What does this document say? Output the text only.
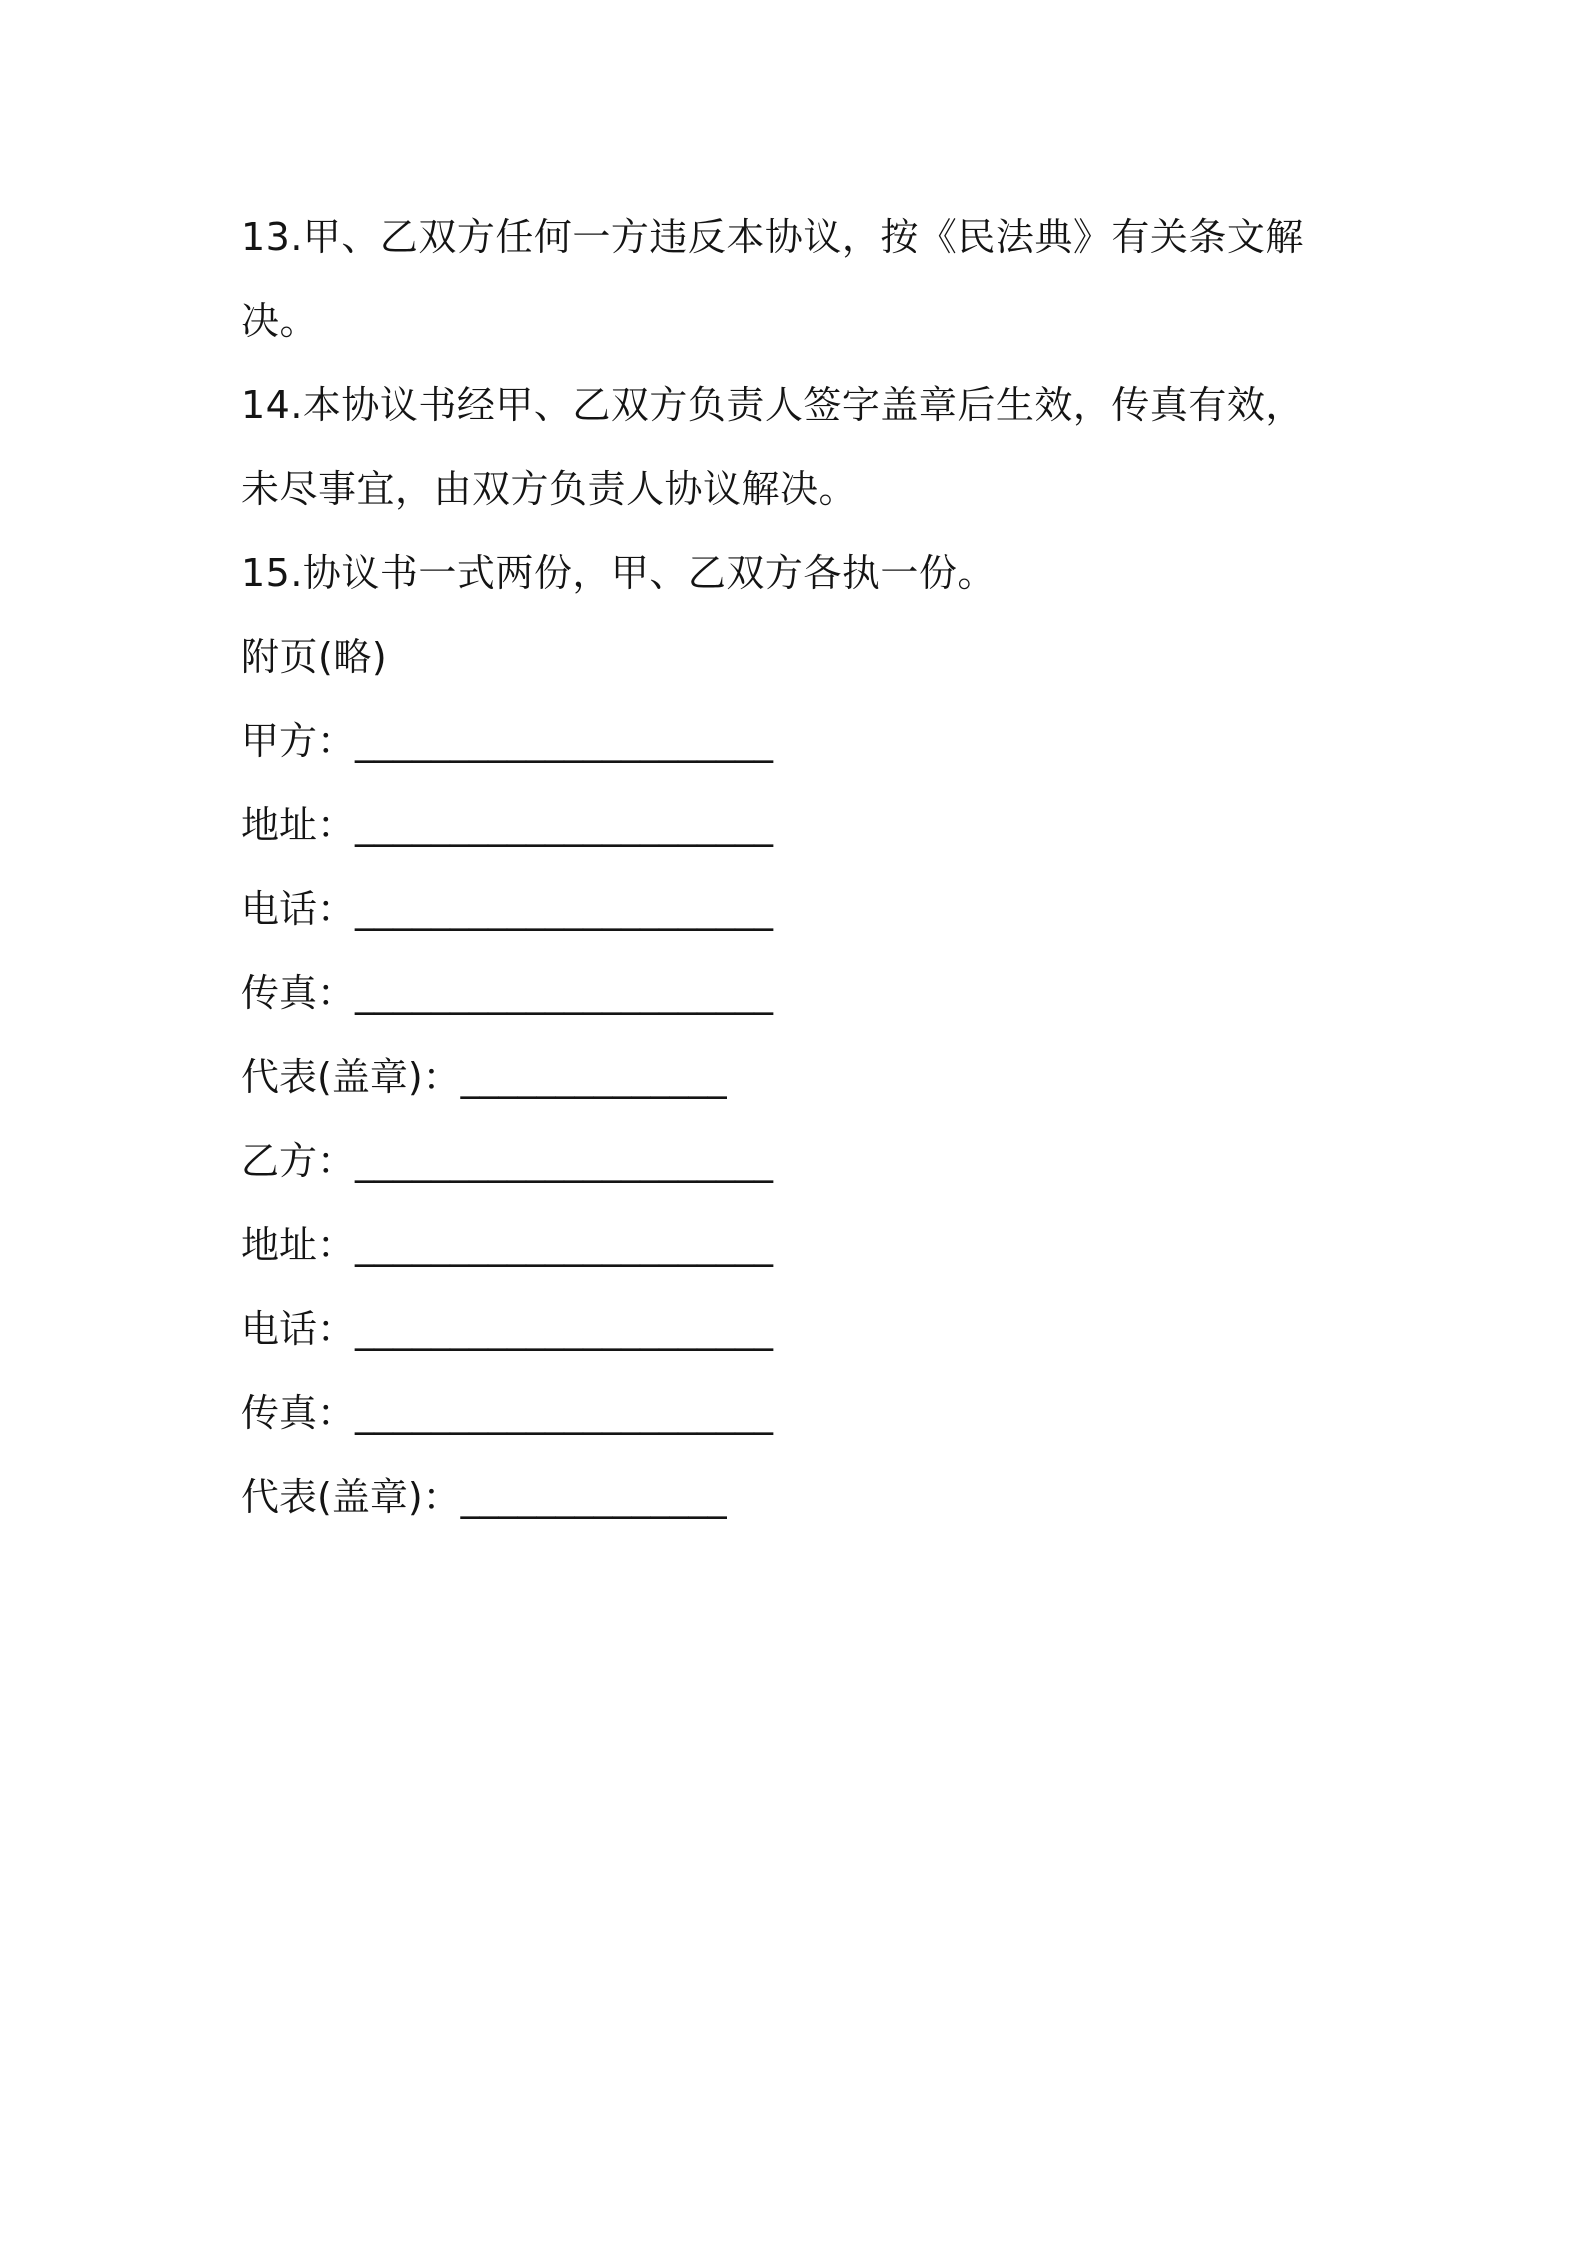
13.甲、乙双方任何一方违反本协议，按《民法典》有关条文解
决。
14.本协议书经甲、乙双方负责人签字盖章后生效，传真有效，
未尽事宜，由双方负责人协议解决。
15.协议书一式两份，甲、乙双方各执一份。
附页(略)
甲方：______________________
地址：______________________
电话：______________________
传真：______________________
代表(盖章)：______________
乙方：______________________
地址：______________________
电话：______________________
传真：______________________
代表(盖章)：______________
